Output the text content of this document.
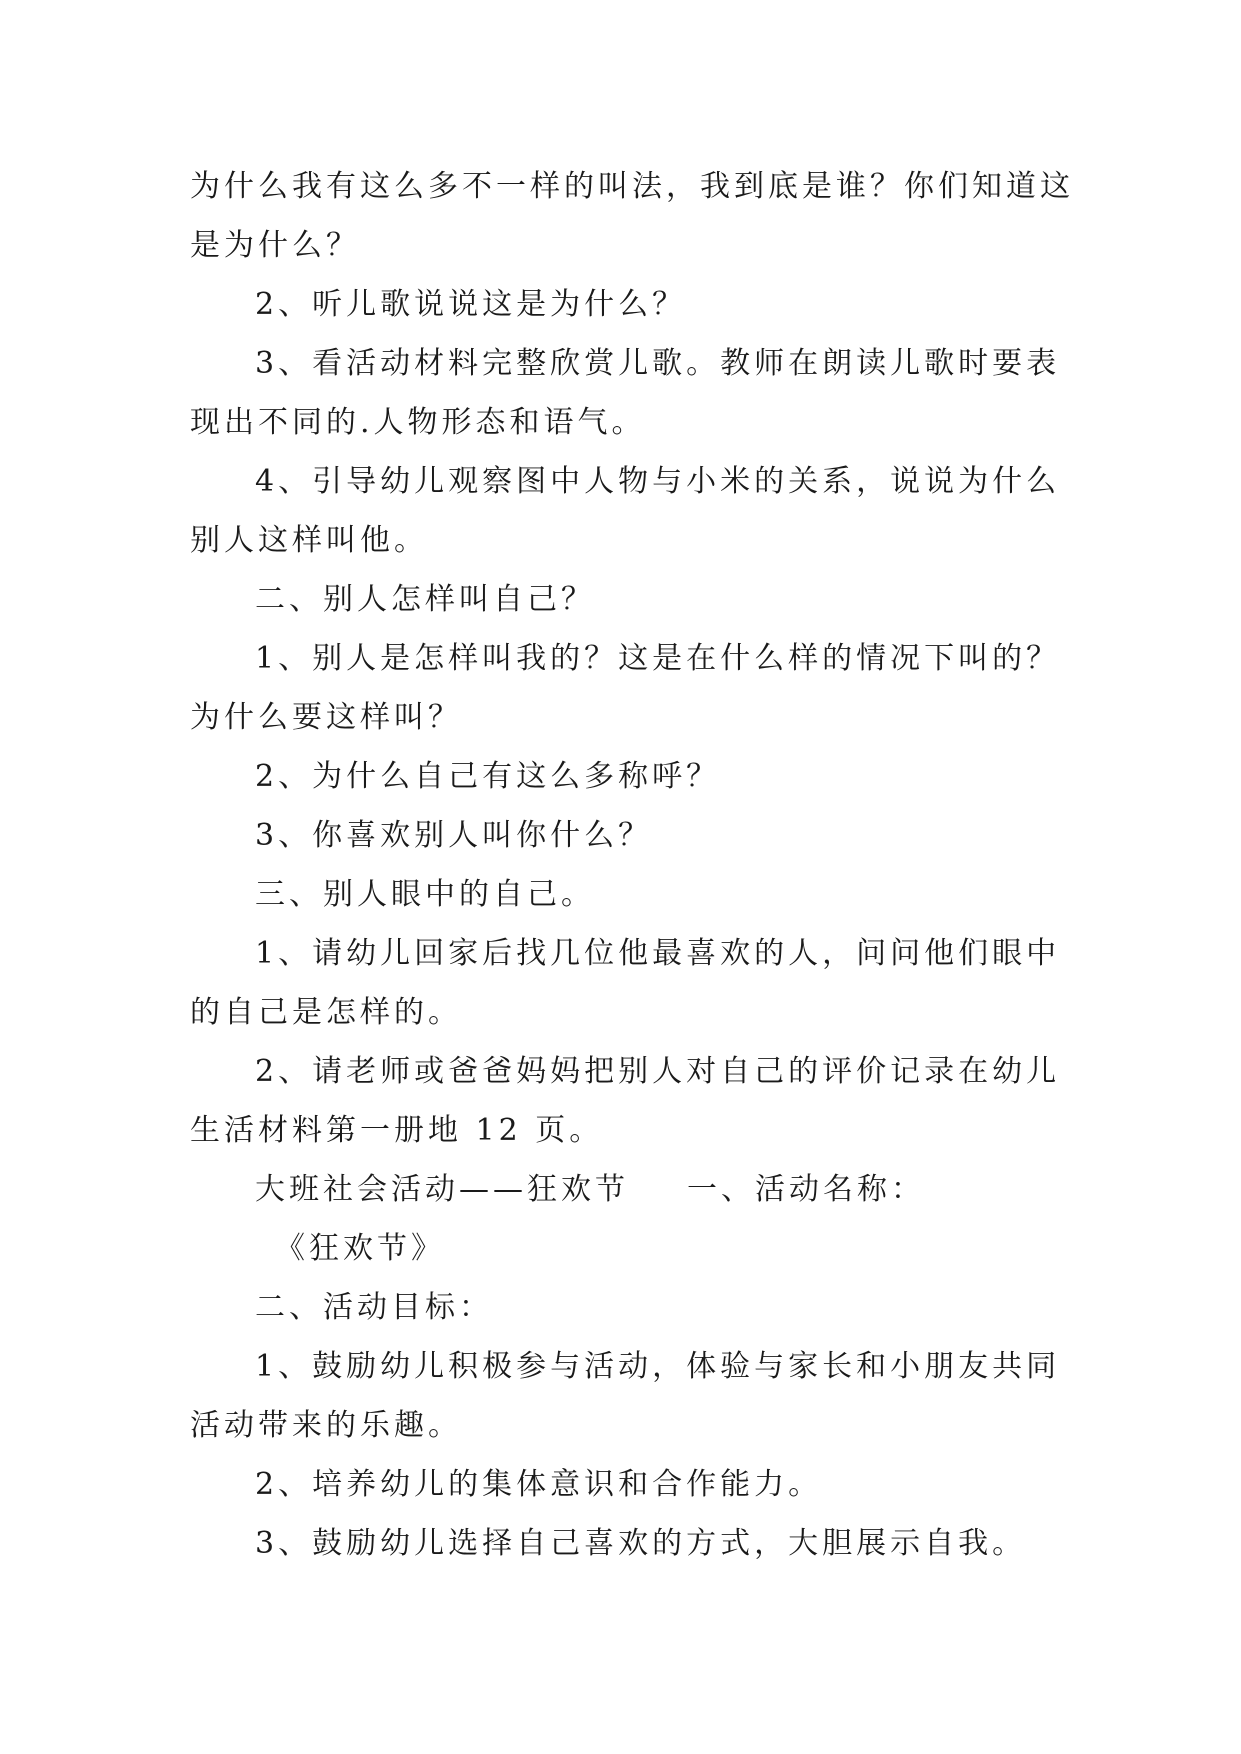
为什么我有这么多不一样的叫法，我到底是谁？你们知道这

是为什么？

2、听儿歌说说这是为什么？

3、看活动材料完整欣赏儿歌。教师在朗读儿歌时要表

现出不同的.人物形态和语气。

4、引导幼儿观察图中人物与小米的关系，说说为什么

别人这样叫他。

二、别人怎样叫自己？

1、别人是怎样叫我的？这是在什么样的情况下叫的？

为什么要这样叫？

2、为什么自己有这么多称呼？

3、你喜欢别人叫你什么？

三、别人眼中的自己。

1、请幼儿回家后找几位他最喜欢的人，问问他们眼中

的自己是怎样的。

2、请老师或爸爸妈妈把别人对自己的评价记录在幼儿

生活材料第一册地 12 页。

大班社会活动——狂欢节 一、活动名称：

《狂欢节》

二、活动目标：

1、鼓励幼儿积极参与活动，体验与家长和小朋友共同

活动带来的乐趣。

2、培养幼儿的集体意识和合作能力。

3、鼓励幼儿选择自己喜欢的方式，大胆展示自我。
